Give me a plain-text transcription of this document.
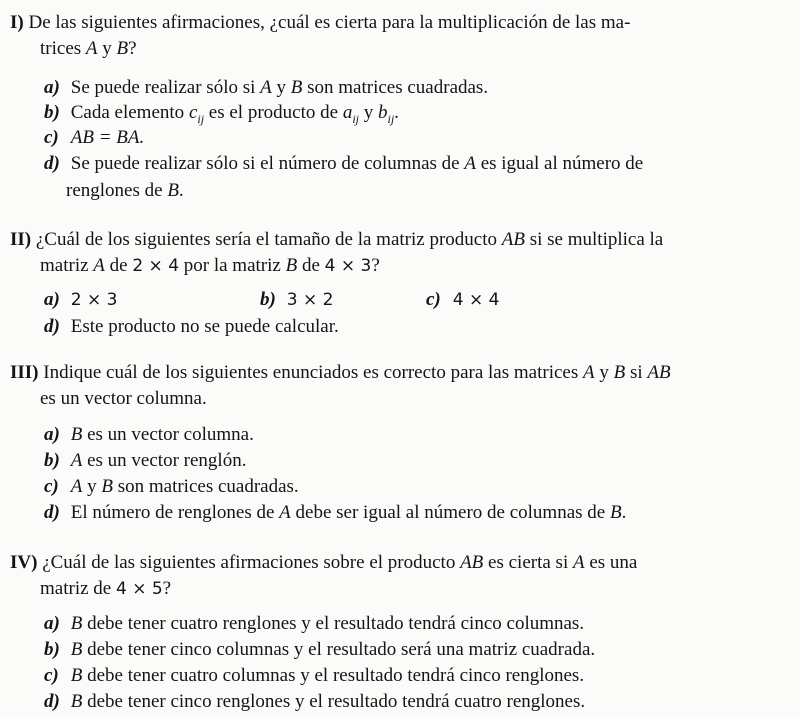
I) De las siguientes afirmaciones, ¿cuál es cierta para la multiplicación de las ma-
trices A y B?
a) Se puede realizar sólo si A y B son matrices cuadradas.
b) Cada elemento $c_{ij}$ es el producto de $a_{ij}$ y $b_{ij}$.
c) AB = BA.
d) Se puede realizar sólo si el número de columnas de A es igual al número de
renglones de B.
II) ¿Cuál de los siguientes sería el tamaño de la matriz producto AB si se multiplica la
matriz A de 2 × 4 por la matriz B de 4 × 3?
a) 2 × 3	b) 3 × 2	c) 4 × 4
d) Este producto no se puede calcular.
III) Indique cuál de los siguientes enunciados es correcto para las matrices A y B si AB
es un vector columna.
a) B es un vector columna.
b) A es un vector renglón.
c) A y B son matrices cuadradas.
d) El número de renglones de A debe ser igual al número de columnas de B.
IV) ¿Cuál de las siguientes afirmaciones sobre el producto AB es cierta si A es una
matriz de 4 × 5?
a) B debe tener cuatro renglones y el resultado tendrá cinco columnas.
b) B debe tener cinco columnas y el resultado será una matriz cuadrada.
c) B debe tener cuatro columnas y el resultado tendrá cinco renglones.
d) B debe tener cinco renglones y el resultado tendrá cuatro renglones.
